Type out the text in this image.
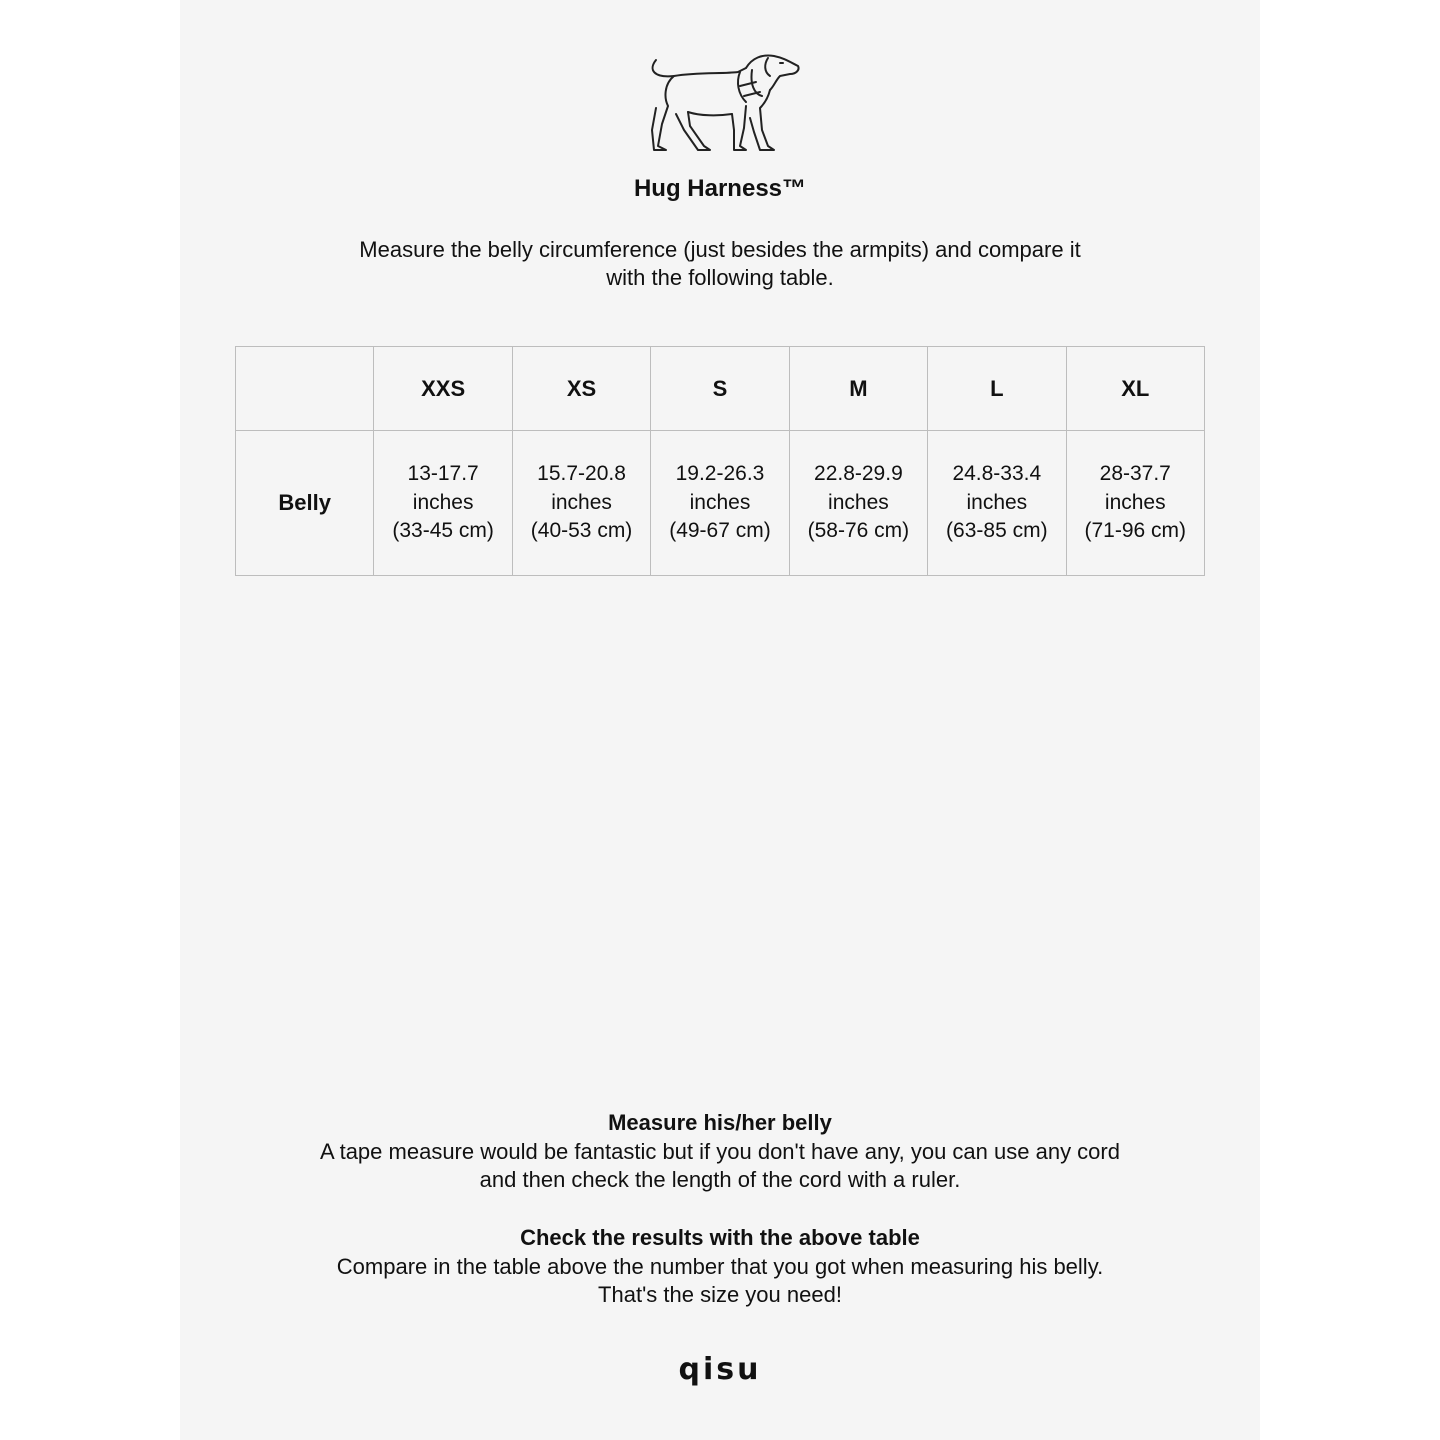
Hug Harness™
Measure the belly circumference (just besides the armpits) and compare it
with the following table.
	XXS	XS	S	M	L	XL
Belly	13-17.7
inches
(33-45 cm)	15.7-20.8
inches
(40-53 cm)	19.2-26.3
inches
(49-67 cm)	22.8-29.9
inches
(58-76 cm)	24.8-33.4
inches
(63-85 cm)	28-37.7
inches
(71-96 cm)
Measure his/her belly
A tape measure would be fantastic but if you don't have any, you can use any cord
and then check the length of the cord with a ruler.
Check the results with the above table
Compare in the table above the number that you got when measuring his belly.
That's the size you need!
qisu
